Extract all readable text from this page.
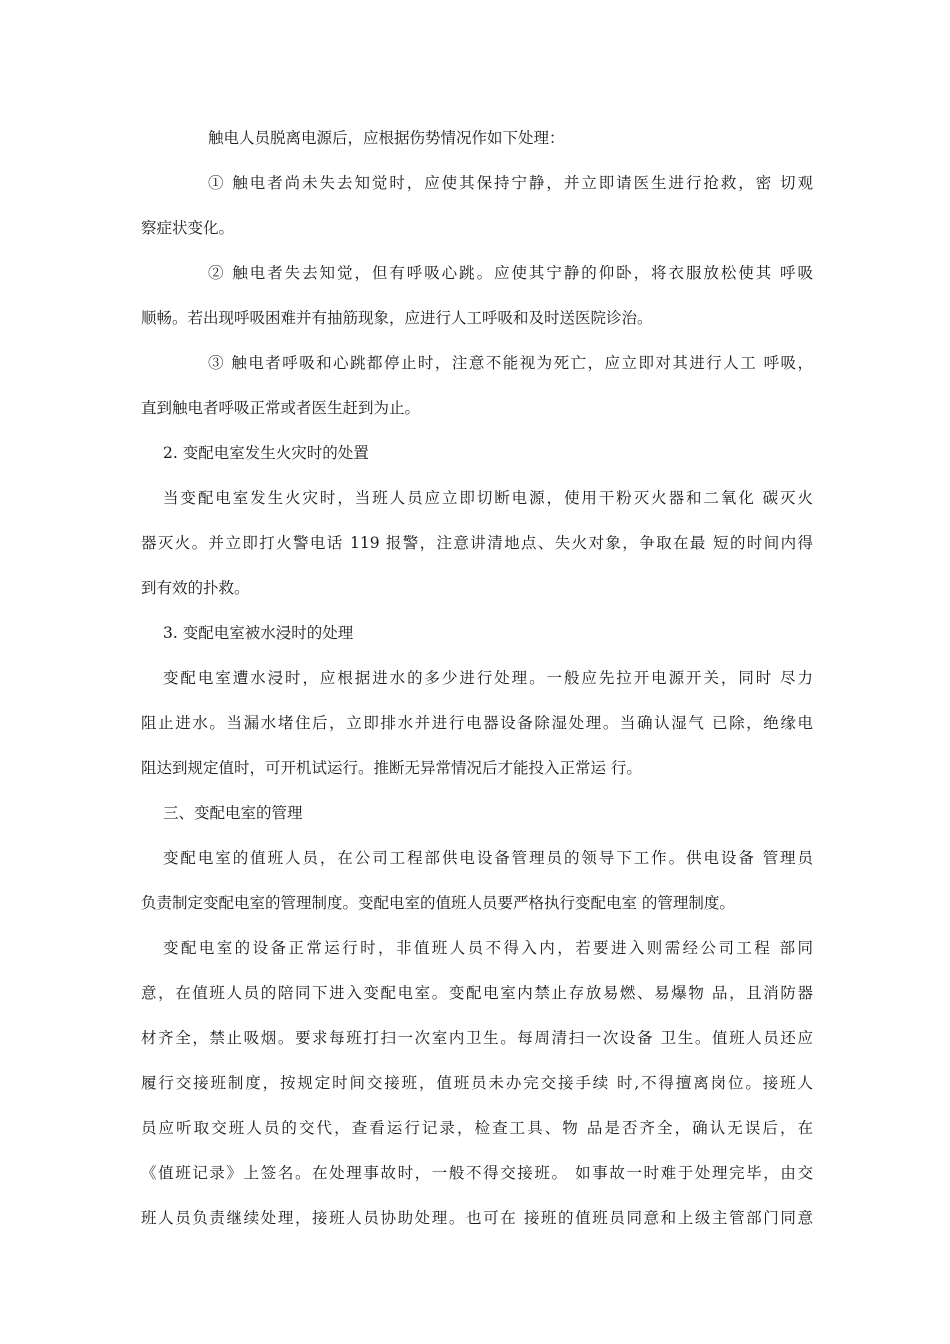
触电人员脱离电源后，应根据伤势情况作如下处理：
① 触电者尚未失去知觉时，应使其保持宁静，并立即请医生进行抢救，密 切观
察症状变化。
② 触电者失去知觉，但有呼吸心跳。应使其宁静的仰卧，将衣服放松使其 呼吸
顺畅。若出现呼吸困难并有抽筋现象，应进行人工呼吸和及时送医院诊治。
③ 触电者呼吸和心跳都停止时，注意不能视为死亡，应立即对其进行人工 呼吸，
直到触电者呼吸正常或者医生赶到为止。
2. 变配电室发生火灾时的处置
当变配电室发生火灾时，当班人员应立即切断电源，使用干粉灭火器和二氧化 碳灭火
器灭火。并立即打火警电话 119 报警，注意讲清地点、失火对象，争取在最 短的时间内得
到有效的扑救。
3. 变配电室被水浸时的处理
变配电室遭水浸时，应根据进水的多少进行处理。一般应先拉开电源开关，同时 尽力
阻止进水。当漏水堵住后，立即排水并进行电器设备除湿处理。当确认湿气 已除，绝缘电
阻达到规定值时，可开机试运行。推断无异常情况后才能投入正常运 行。
三、变配电室的管理
变配电室的值班人员，在公司工程部供电设备管理员的领导下工作。供电设备 管理员
负责制定变配电室的管理制度。变配电室的值班人员要严格执行变配电室 的管理制度。
变配电室的设备正常运行时，非值班人员不得入内，若要进入则需经公司工程 部同
意，在值班人员的陪同下进入变配电室。变配电室内禁止存放易燃、易爆物 品，且消防器
材齐全，禁止吸烟。要求每班打扫一次室内卫生。每周清扫一次设备 卫生。值班人员还应
履行交接班制度，按规定时间交接班，值班员未办完交接手续 时,不得擅离岗位。接班人
员应听取交班人员的交代，查看运行记录，检查工具、物 品是否齐全，确认无误后，在
《值班记录》上签名。在处理事故时，一般不得交接班。 如事故一时难于处理完毕，由交
班人员负责继续处理，接班人员协助处理。也可在 接班的值班员同意和上级主管部门同意
